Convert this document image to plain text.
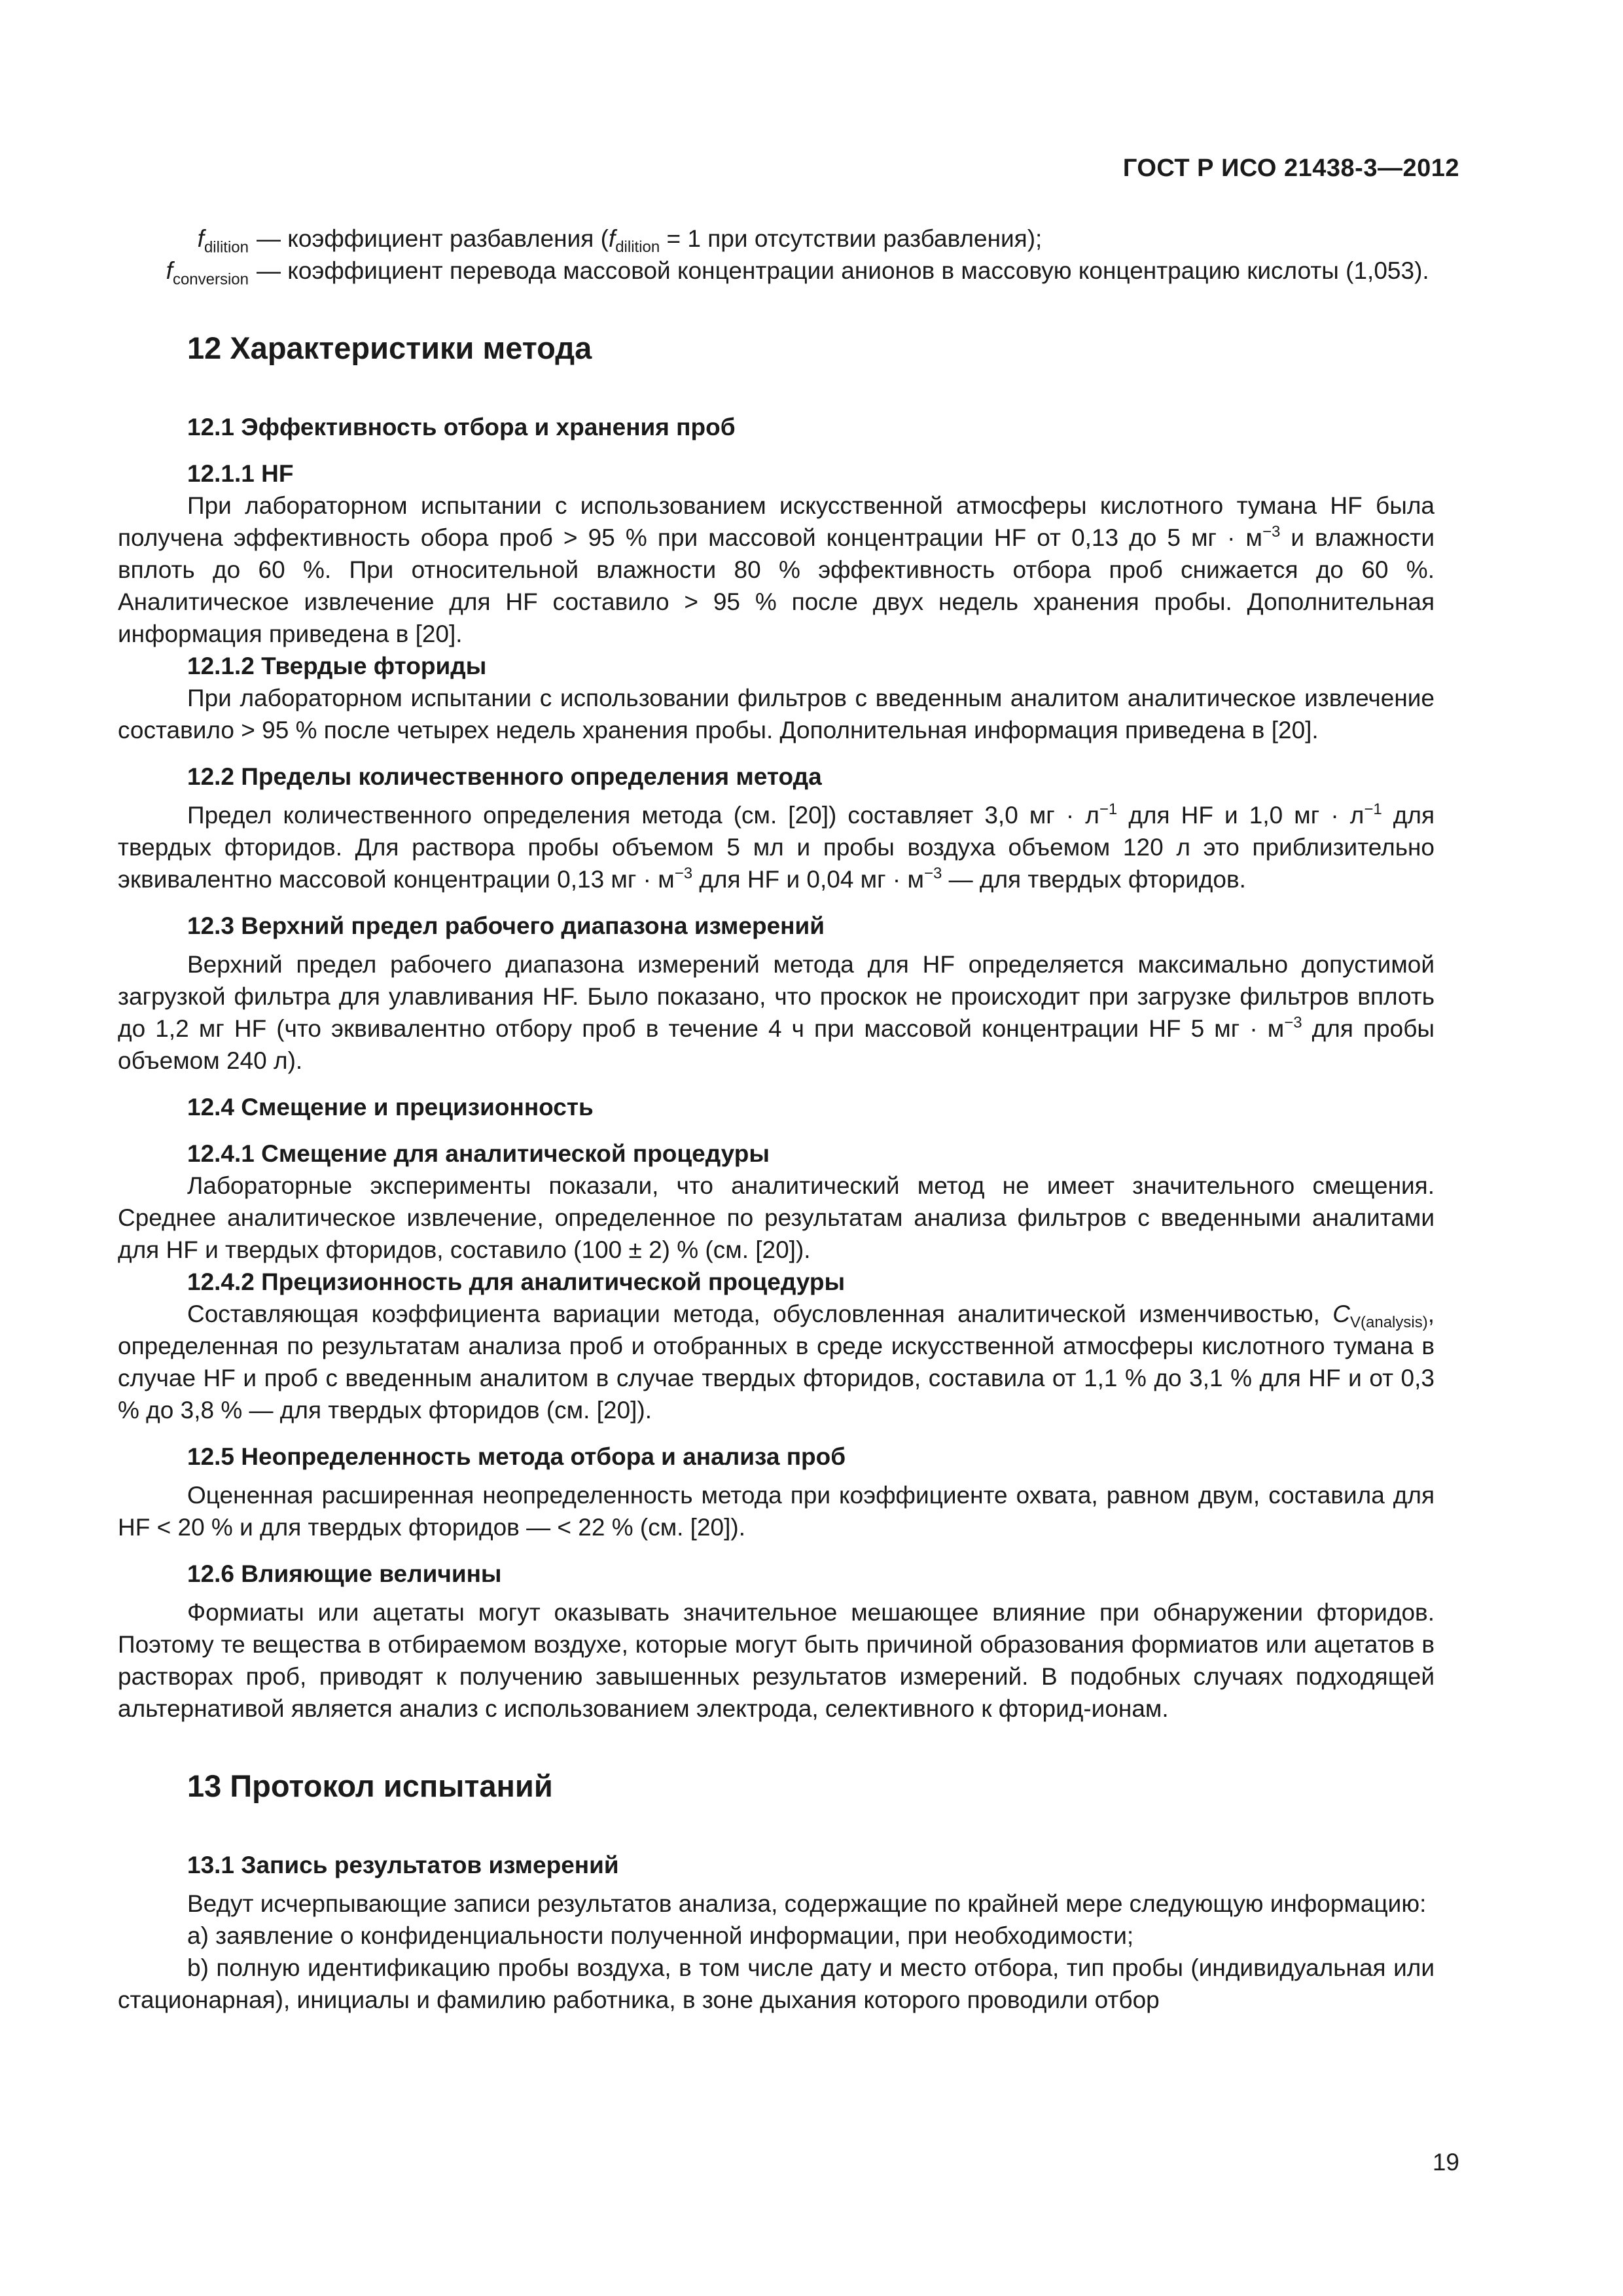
ГОСТ Р ИСО 21438-3—2012
$f_{dilition}$ — коэффициент разбавления ($f_{dilition} = 1$ при отсутствии разбавления);
$f_{conversion}$ — коэффициент перевода массовой концентрации анионов в массовую концентрацию кислоты (1,053).
12 Характеристики метода
12.1 Эффективность отбора и хранения проб
12.1.1 HF
При лабораторном испытании с использованием искусственной атмосферы кислотного тумана HF была получена эффективность обора проб > 95 % при массовой концентрации HF от 0,13 до 5 мг · $м^{-3}$ и влажности вплоть до 60 %. При относительной влажности 80 % эффективность отбора проб снижается до 60 %. Аналитическое извлечение для HF составило > 95 % после двух недель хранения пробы. Дополнительная информация приведена в [20].
12.1.2 Твердые фториды
При лабораторном испытании с использовании фильтров с введенным аналитом аналитическое извлечение составило > 95 % после четырех недель хранения пробы. Дополнительная информация приведена в [20].
12.2 Пределы количественного определения метода
Предел количественного определения метода (см. [20]) составляет 3,0 мг · $л^{-1}$ для HF и 1,0 мг · $л^{-1}$ для твердых фторидов. Для раствора пробы объемом 5 мл и пробы воздуха объемом 120 л это приблизительно эквивалентно массовой концентрации 0,13 мг · $м^{-3}$ для HF и 0,04 мг · $м^{-3}$ — для твердых фторидов.
12.3 Верхний предел рабочего диапазона измерений
Верхний предел рабочего диапазона измерений метода для HF определяется максимально допустимой загрузкой фильтра для улавливания HF. Было показано, что проскок не происходит при загрузке фильтров вплоть до 1,2 мг HF (что эквивалентно отбору проб в течение 4 ч при массовой концентрации HF 5 мг · $м^{-3}$ для пробы объемом 240 л).
12.4 Смещение и прецизионность
12.4.1 Смещение для аналитической процедуры
Лабораторные эксперименты показали, что аналитический метод не имеет значительного смещения. Среднее аналитическое извлечение, определенное по результатам анализа фильтров с введенными аналитами для HF и твердых фторидов, составило (100 ± 2) % (см. [20]).
12.4.2 Прецизионность для аналитической процедуры
Составляющая коэффициента вариации метода, обусловленная аналитической изменчивостью, $C_{V(analysis)}$, определенная по результатам анализа проб и отобранных в среде искусственной атмосферы кислотного тумана в случае HF и проб с введенным аналитом в случае твердых фторидов, составила от 1,1 % до 3,1 % для HF и от 0,3 % до 3,8 % — для твердых фторидов (см. [20]).
12.5 Неопределенность метода отбора и анализа проб
Оцененная расширенная неопределенность метода при коэффициенте охвата, равном двум, составила для HF < 20 % и для твердых фторидов — < 22 % (см. [20]).
12.6 Влияющие величины
Формиаты или ацетаты могут оказывать значительное мешающее влияние при обнаружении фторидов. Поэтому те вещества в отбираемом воздухе, которые могут быть причиной образования формиатов или ацетатов в растворах проб, приводят к получению завышенных результатов измерений. В подобных случаях подходящей альтернативой является анализ с использованием электрода, селективного к фторид-ионам.
13 Протокол испытаний
13.1 Запись результатов измерений
Ведут исчерпывающие записи результатов анализа, содержащие по крайней мере следующую информацию:
а) заявление о конфиденциальности полученной информации, при необходимости;
b) полную идентификацию пробы воздуха, в том числе дату и место отбора, тип пробы (индивидуальная или стационарная), инициалы и фамилию работника, в зоне дыхания которого проводили отбор
19
